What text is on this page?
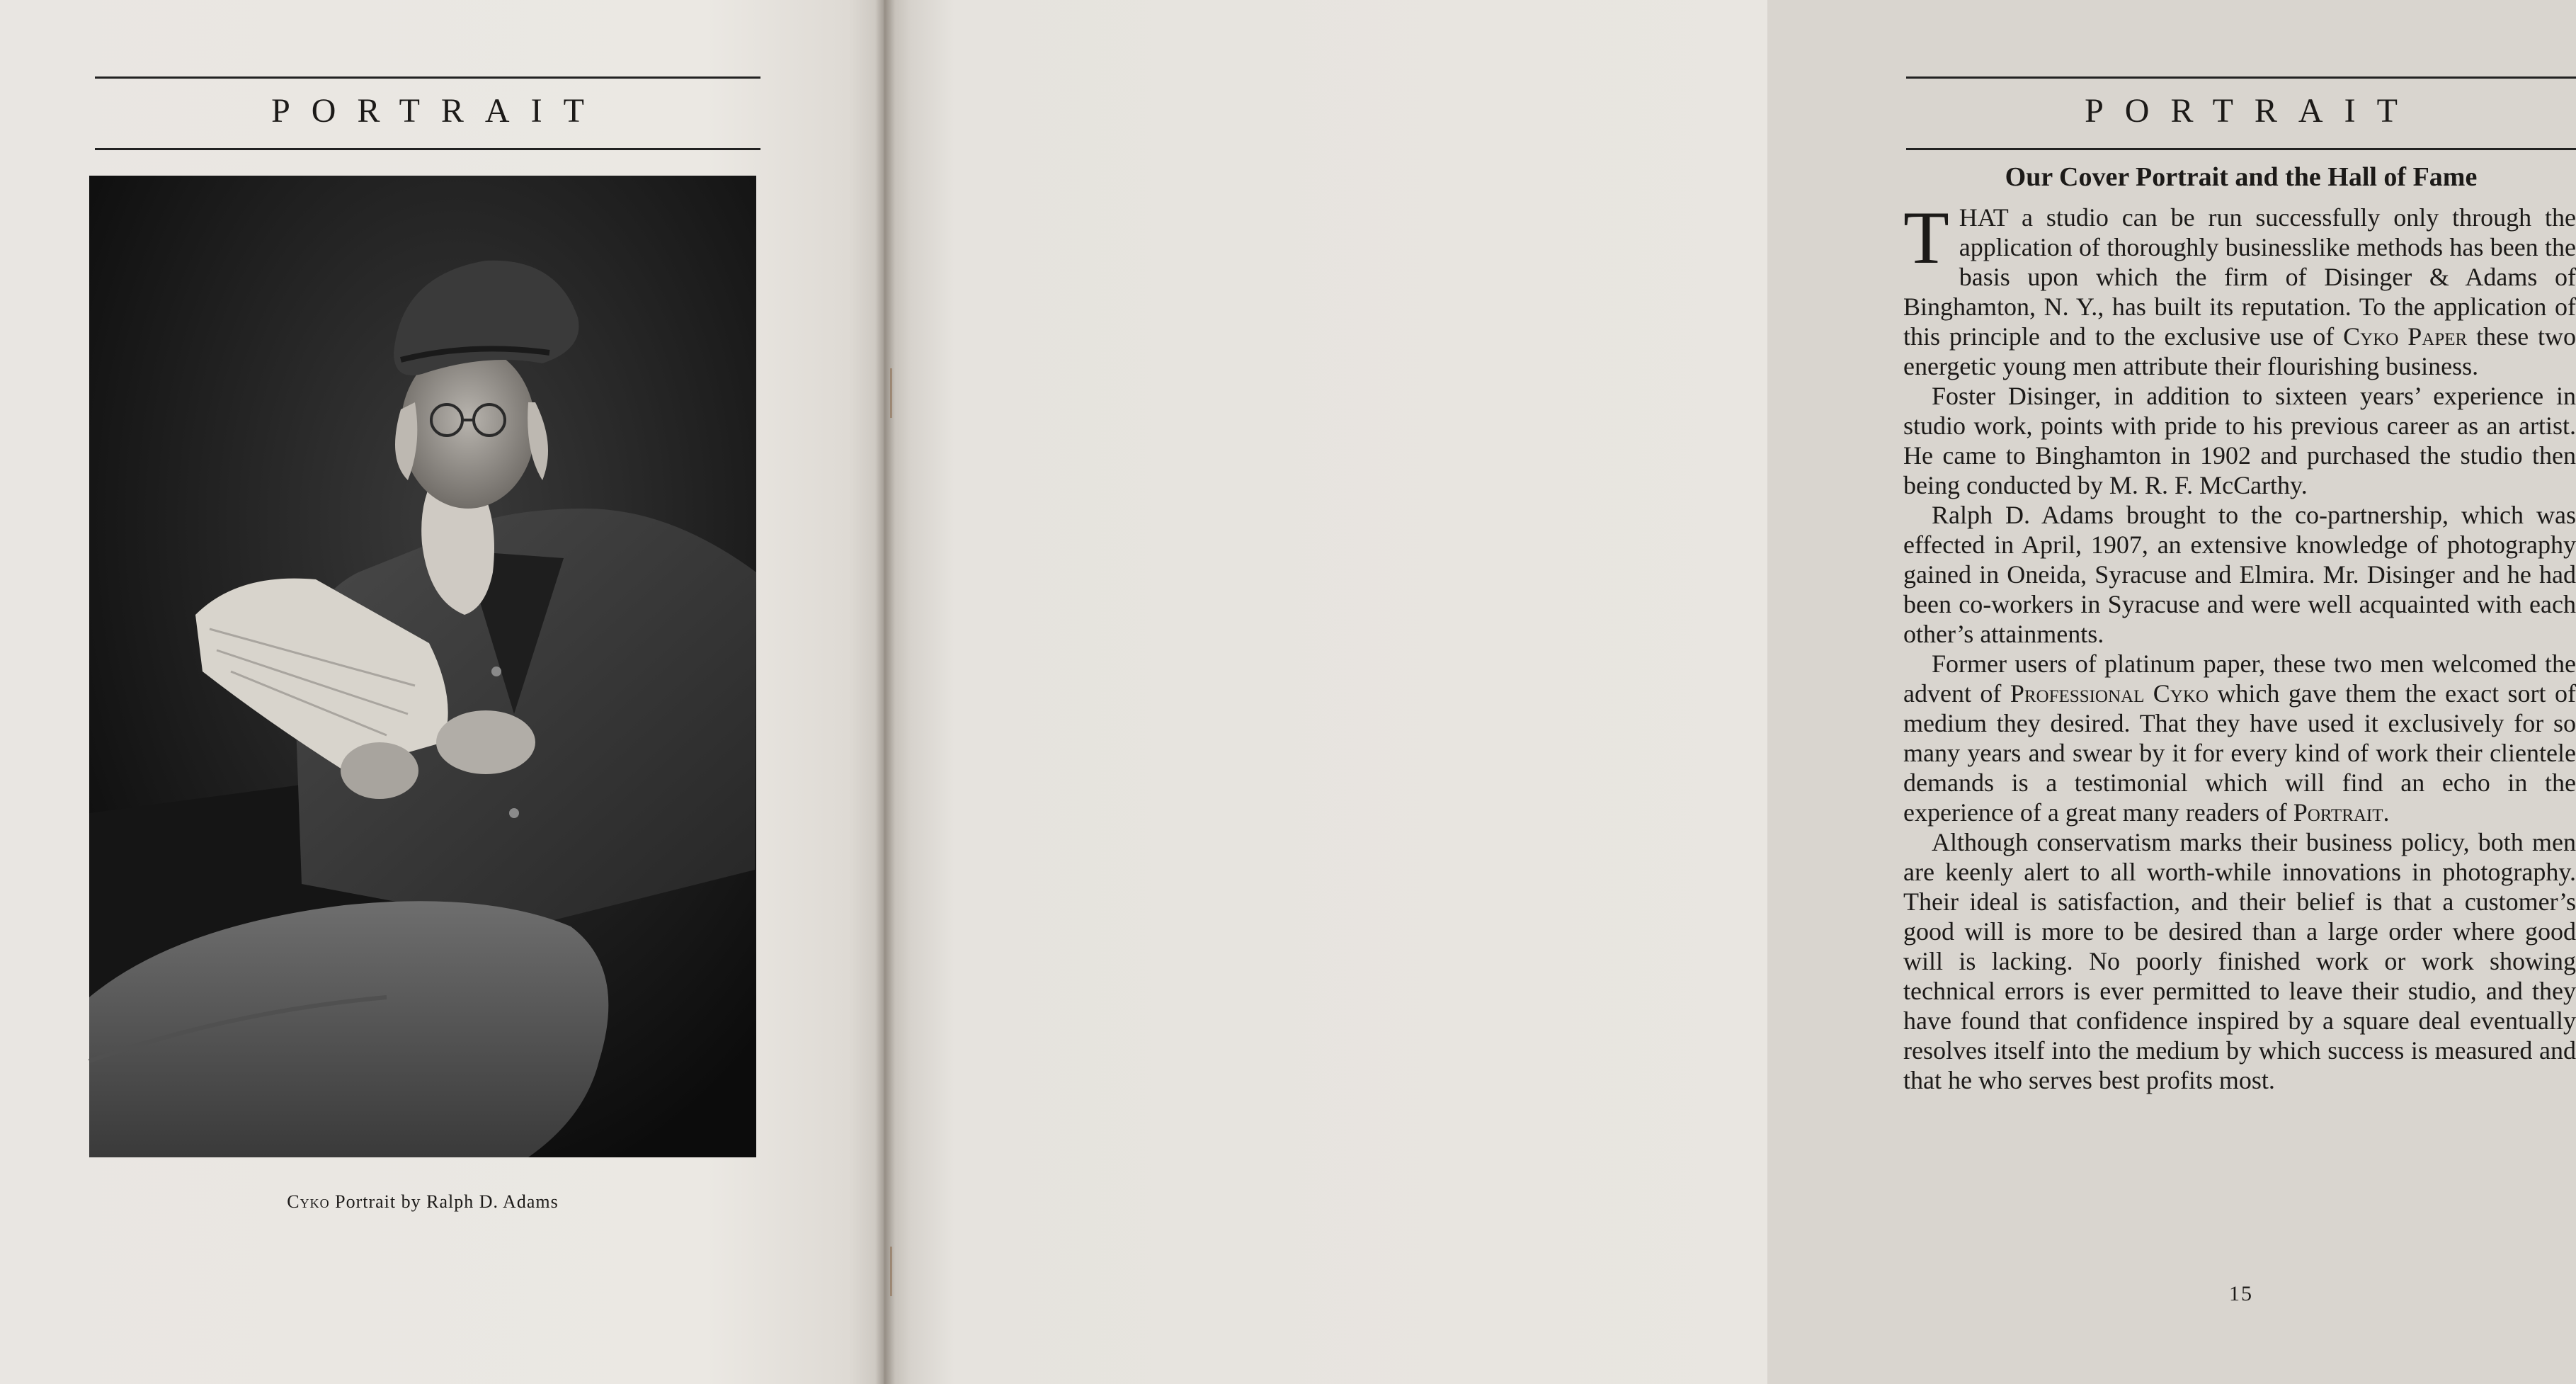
PORTRAIT
Cyko Portrait by Ralph D. Adams
PORTRAIT
Our Cover Portrait and the Hall of Fame

THAT a studio can be run successfully only through the application of thoroughly businesslike methods has been the basis upon which the firm of Disinger & Adams of Binghamton, N. Y., has built its reputation. To the application of this principle and to the exclusive use of Cyko Paper these two energetic young men attribute their flourishing business.

Foster Disinger, in addition to sixteen years’ experience in studio work, points with pride to his previous career as an artist. He came to Binghamton in 1902 and purchased the studio then being conducted by M. R. F. McCarthy.

Ralph D. Adams brought to the co-partnership, which was effected in April, 1907, an extensive knowledge of photography gained in Oneida, Syracuse and Elmira. Mr. Disinger and he had been co-workers in Syracuse and were well acquainted with each other’s attainments.

Former users of platinum paper, these two men welcomed the advent of Professional Cyko which gave them the exact sort of medium they desired. That they have used it exclusively for so many years and swear by it for every kind of work their clientele demands is a testimonial which will find an echo in the experience of a great many readers of Portrait.

Although conservatism marks their business policy, both men are keenly alert to all worth-while innovations in photography. Their ideal is satisfaction, and their belief is that a customer’s good will is more to be desired than a large order where good will is lacking. No poorly finished work or work showing technical errors is ever permitted to leave their studio, and they have found that confidence inspired by a square deal eventually resolves itself into the medium by which success is measured and that he who serves best profits most.

15
